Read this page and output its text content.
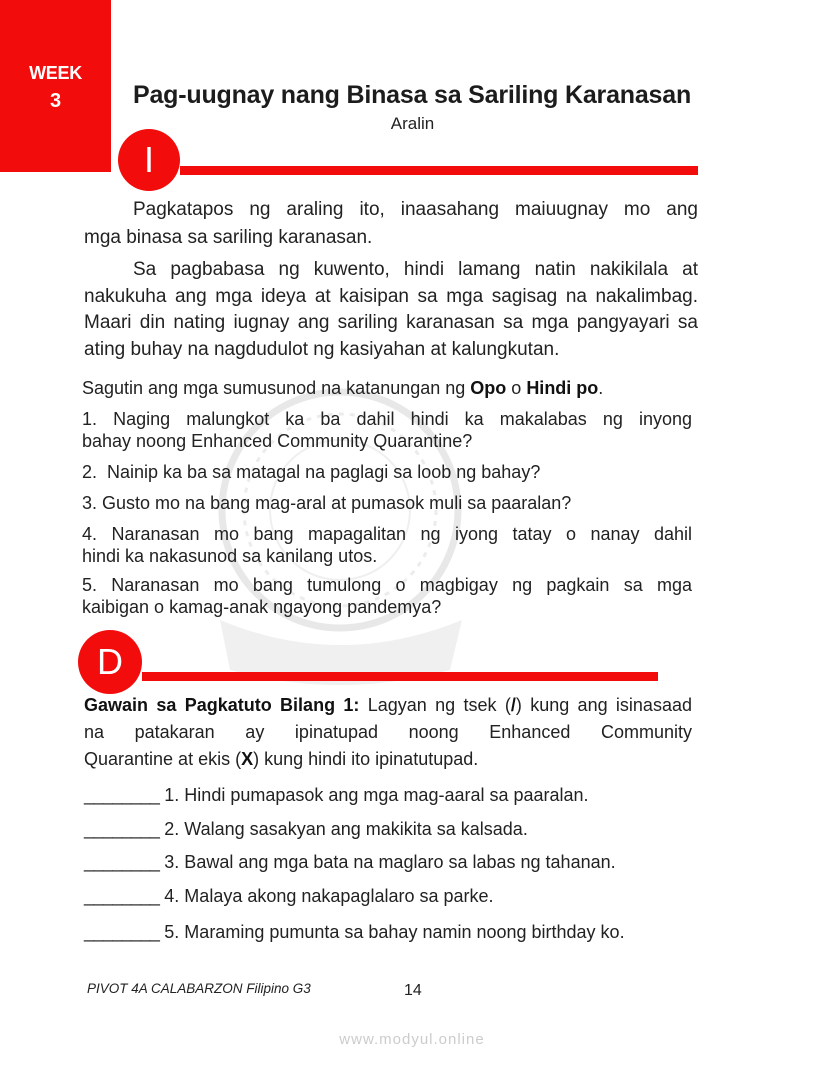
WEEK
3	Pag-uugnay nang Binasa sa Sariling Karanasan
Aralin
I
Pagkatapos ng araling ito, inaasahang maiuugnay mo ang
mga binasa sa sariling karanasan.
Sa pagbabasa ng kuwento, hindi lamang natin nakikilala at
nakukuha ang mga ideya at kaisipan sa mga sagisag na nakalimbag.
Maari din nating iugnay ang sariling karanasan sa mga pangyayari sa
ating buhay na nagdudulot ng kasiyahan at kalungkutan.
Sagutin ang mga sumusunod na katanungan ng Opo o Hindi po.
1. Naging malungkot ka ba dahil hindi ka makalabas ng inyong
bahay noong Enhanced Community Quarantine?
2.  Nainip ka ba sa matagal na paglagi sa loob ng bahay?
3. Gusto mo na bang mag-aral at pumasok muli sa paaralan?
4. Naranasan mo bang mapagalitan ng iyong tatay o nanay dahil
hindi ka nakasunod sa kanilang utos.
5. Naranasan mo bang tumulong o magbigay ng pagkain sa mga
kaibigan o kamag-anak ngayong pandemya?
D
Gawain sa Pagkatuto Bilang 1: Lagyan ng tsek (/) kung ang isinasaad
na patakaran ay ipinatupad noong Enhanced Community
Quarantine at ekis (X) kung hindi ito ipinatutupad.
________ 1. Hindi pumapasok ang mga mag-aaral sa paaralan.
________ 2. Walang sasakyan ang makikita sa kalsada.
________ 3. Bawal ang mga bata na maglaro sa labas ng tahanan.
________ 4. Malaya akong nakapaglalaro sa parke.
________ 5. Maraming pumunta sa bahay namin noong birthday ko.
PIVOT 4A CALABARZON Filipino G3	14
www.modyul.online
